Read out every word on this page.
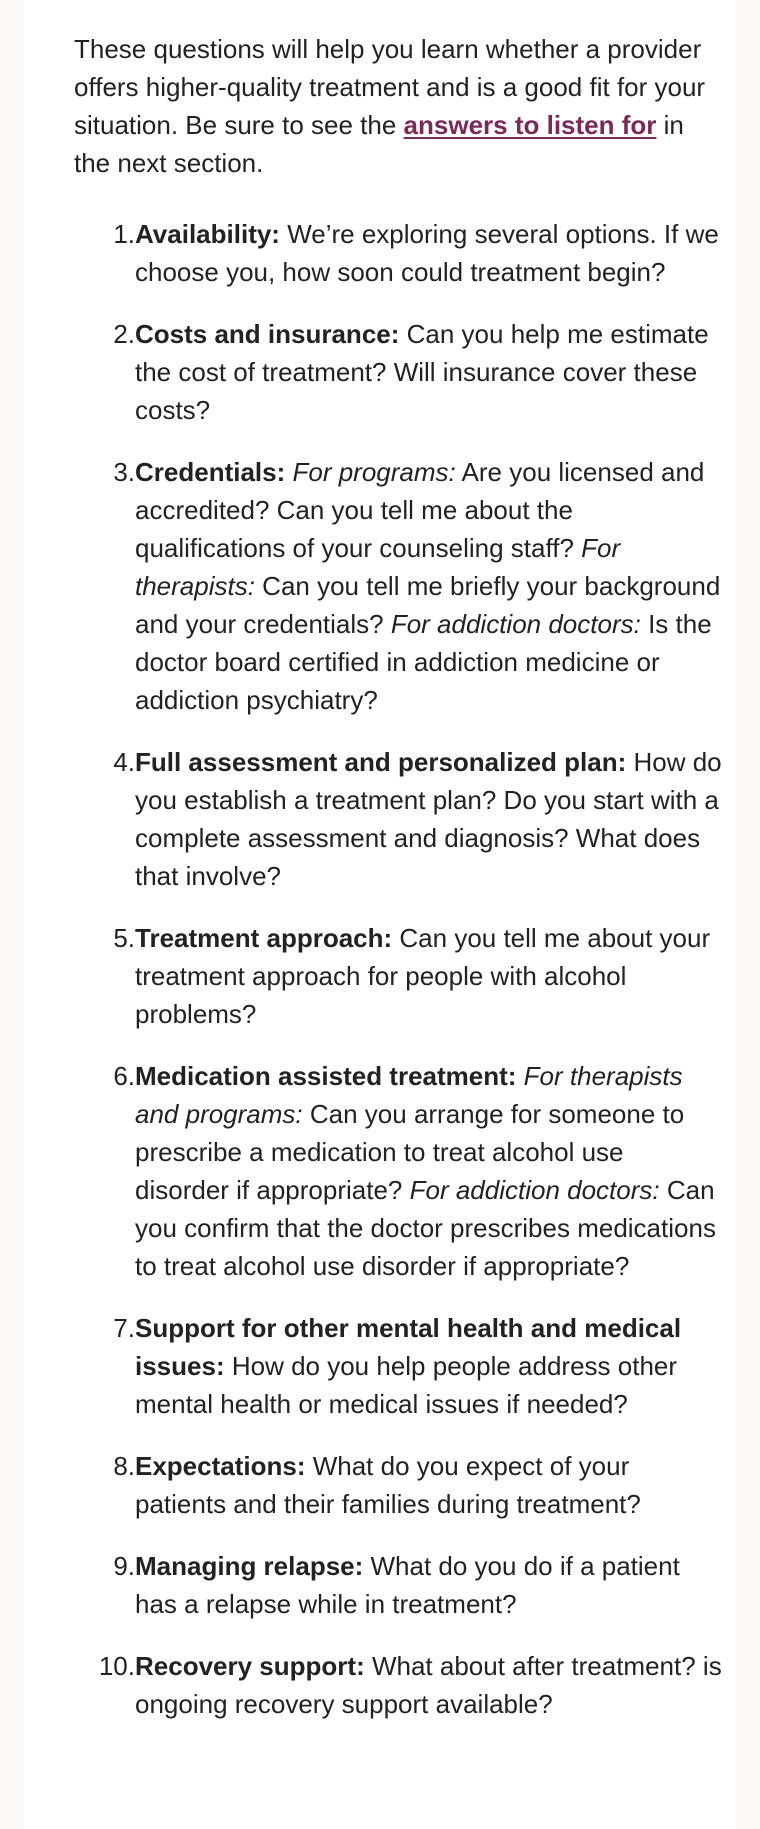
These questions will help you learn whether a provider offers higher-quality treatment and is a good fit for your situation. Be sure to see the answers to listen for in the next section.

1. Availability: We’re exploring several options. If we choose you, how soon could treatment begin?
2. Costs and insurance: Can you help me estimate the cost of treatment? Will insurance cover these costs?
3. Credentials: For programs: Are you licensed and accredited? Can you tell me about the qualifications of your counseling staff? For therapists: Can you tell me briefly your background and your credentials? For addiction doctors: Is the doctor board certified in addiction medicine or addiction psychiatry?
4. Full assessment and personalized plan: How do you establish a treatment plan? Do you start with a complete assessment and diagnosis? What does that involve?
5. Treatment approach: Can you tell me about your treatment approach for people with alcohol problems?
6. Medication assisted treatment: For therapists and programs: Can you arrange for someone to prescribe a medication to treat alcohol use disorder if appropriate? For addiction doctors: Can you confirm that the doctor prescribes medications to treat alcohol use disorder if appropriate?
7. Support for other mental health and medical issues: How do you help people address other mental health or medical issues if needed?
8. Expectations: What do you expect of your patients and their families during treatment?
9. Managing relapse: What do you do if a patient has a relapse while in treatment?
10. Recovery support: What about after treatment? is ongoing recovery support available?
